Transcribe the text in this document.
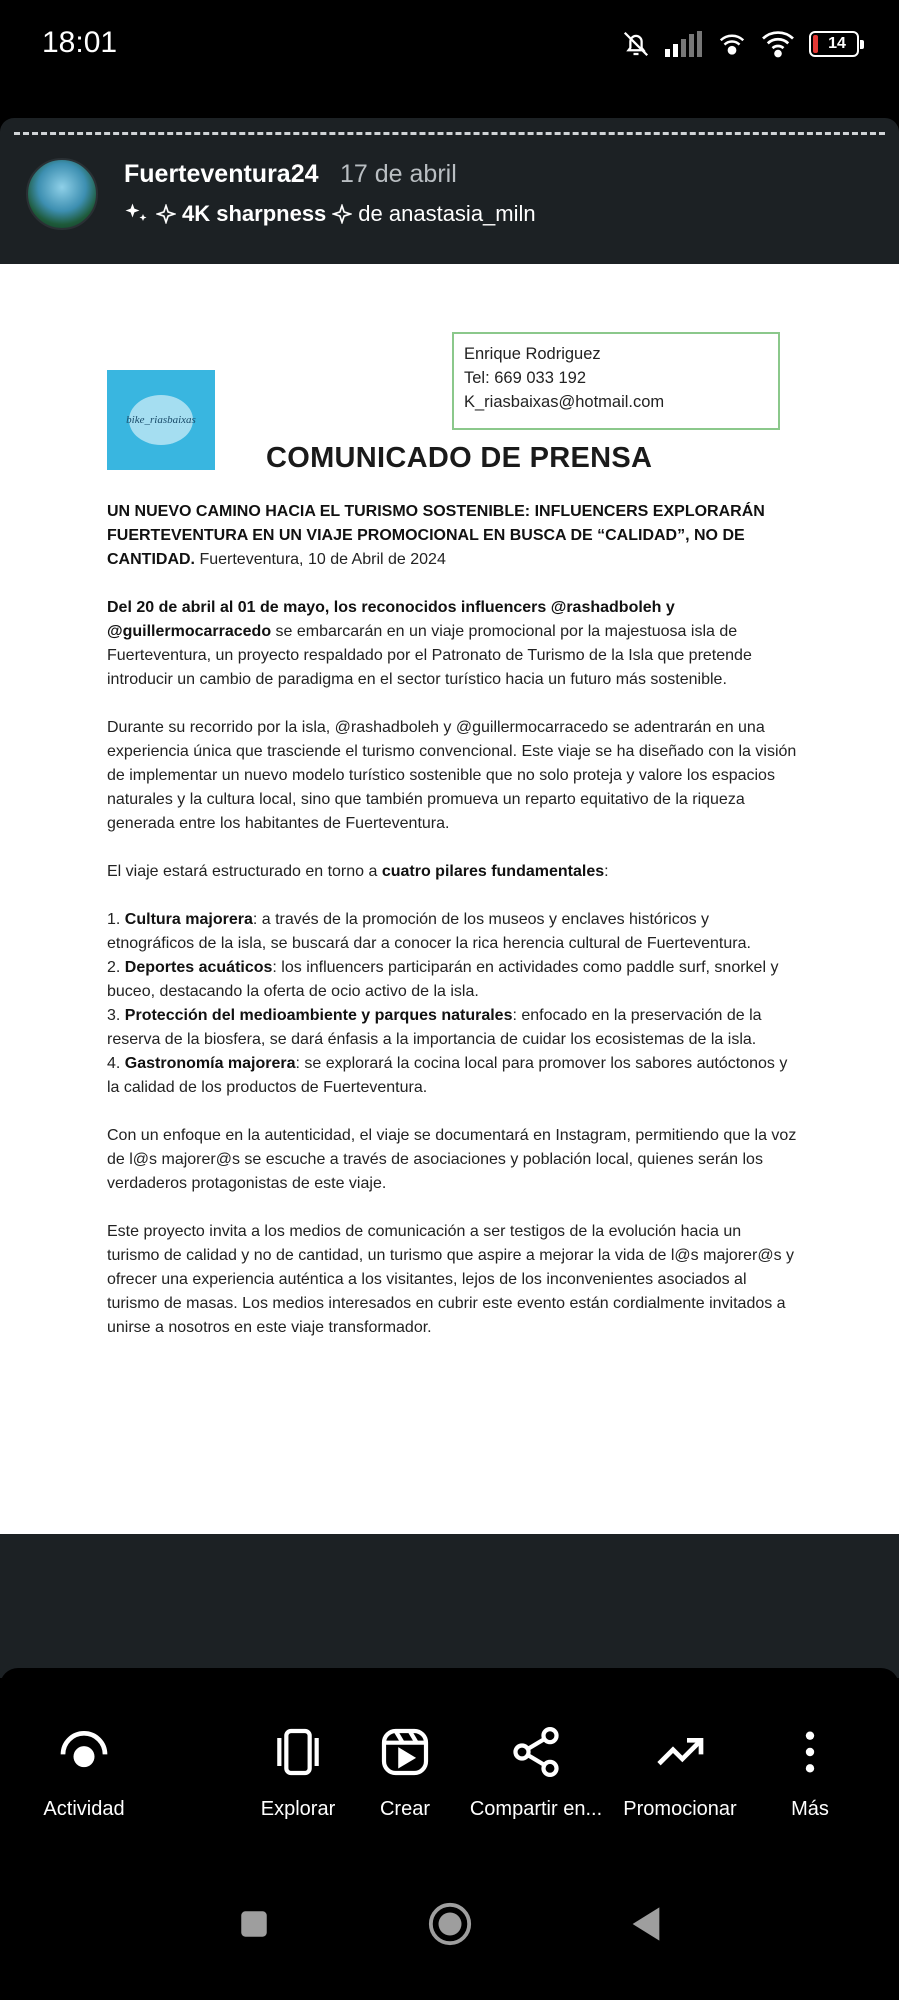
18:01	14
Fuerteventura24 17 de abril
4K sharpness de anastasia_miln
Enrique Rodriguez
Tel: 669 033 192
K_riasbaixas@hotmail.com
bike_riasbaixas
COMUNICADO DE PRENSA

UN NUEVO CAMINO HACIA EL TURISMO SOSTENIBLE: INFLUENCERS EXPLORARÁN FUERTEVENTURA EN UN VIAJE PROMOCIONAL EN BUSCA DE “CALIDAD”, NO DE CANTIDAD. Fuerteventura, 10 de Abril de 2024

Del 20 de abril al 01 de mayo, los reconocidos influencers @rashadboleh y @guillermocarracedo se embarcarán en un viaje promocional por la majestuosa isla de Fuerteventura, un proyecto respaldado por el Patronato de Turismo de la Isla que pretende introducir un cambio de paradigma en el sector turístico hacia un futuro más sostenible.

Durante su recorrido por la isla, @rashadboleh y @guillermocarracedo se adentrarán en una experiencia única que trasciende el turismo convencional. Este viaje se ha diseñado con la visión de implementar un nuevo modelo turístico sostenible que no solo proteja y valore los espacios naturales y la cultura local, sino que también promueva un reparto equitativo de la riqueza generada entre los habitantes de Fuerteventura.

El viaje estará estructurado en torno a cuatro pilares fundamentales:

1. Cultura majorera: a través de la promoción de los museos y enclaves históricos y etnográficos de la isla, se buscará dar a conocer la rica herencia cultural de Fuerteventura.

2. Deportes acuáticos: los influencers participarán en actividades como paddle surf, snorkel y buceo, destacando la oferta de ocio activo de la isla.

3. Protección del medioambiente y parques naturales: enfocado en la preservación de la reserva de la biosfera, se dará énfasis a la importancia de cuidar los ecosistemas de la isla.

4. Gastronomía majorera: se explorará la cocina local para promover los sabores autóctonos y la calidad de los productos de Fuerteventura.

Con un enfoque en la autenticidad, el viaje se documentará en Instagram, permitiendo que la voz de l@s majorer@s se escuche a través de asociaciones y población local, quienes serán los verdaderos protagonistas de este viaje.

Este proyecto invita a los medios de comunicación a ser testigos de la evolución hacia un turismo de calidad y no de cantidad, un turismo que aspire a mejorar la vida de l@s majorer@s y ofrecer una experiencia auténtica a los visitantes, lejos de los inconvenientes asociados al turismo de masas. Los medios interesados en cubrir este evento están cordialmente invitados a unirse a nosotros en este viaje transformador.

Actividad	Explorar Crear Compartir en... Promocionar	Más
